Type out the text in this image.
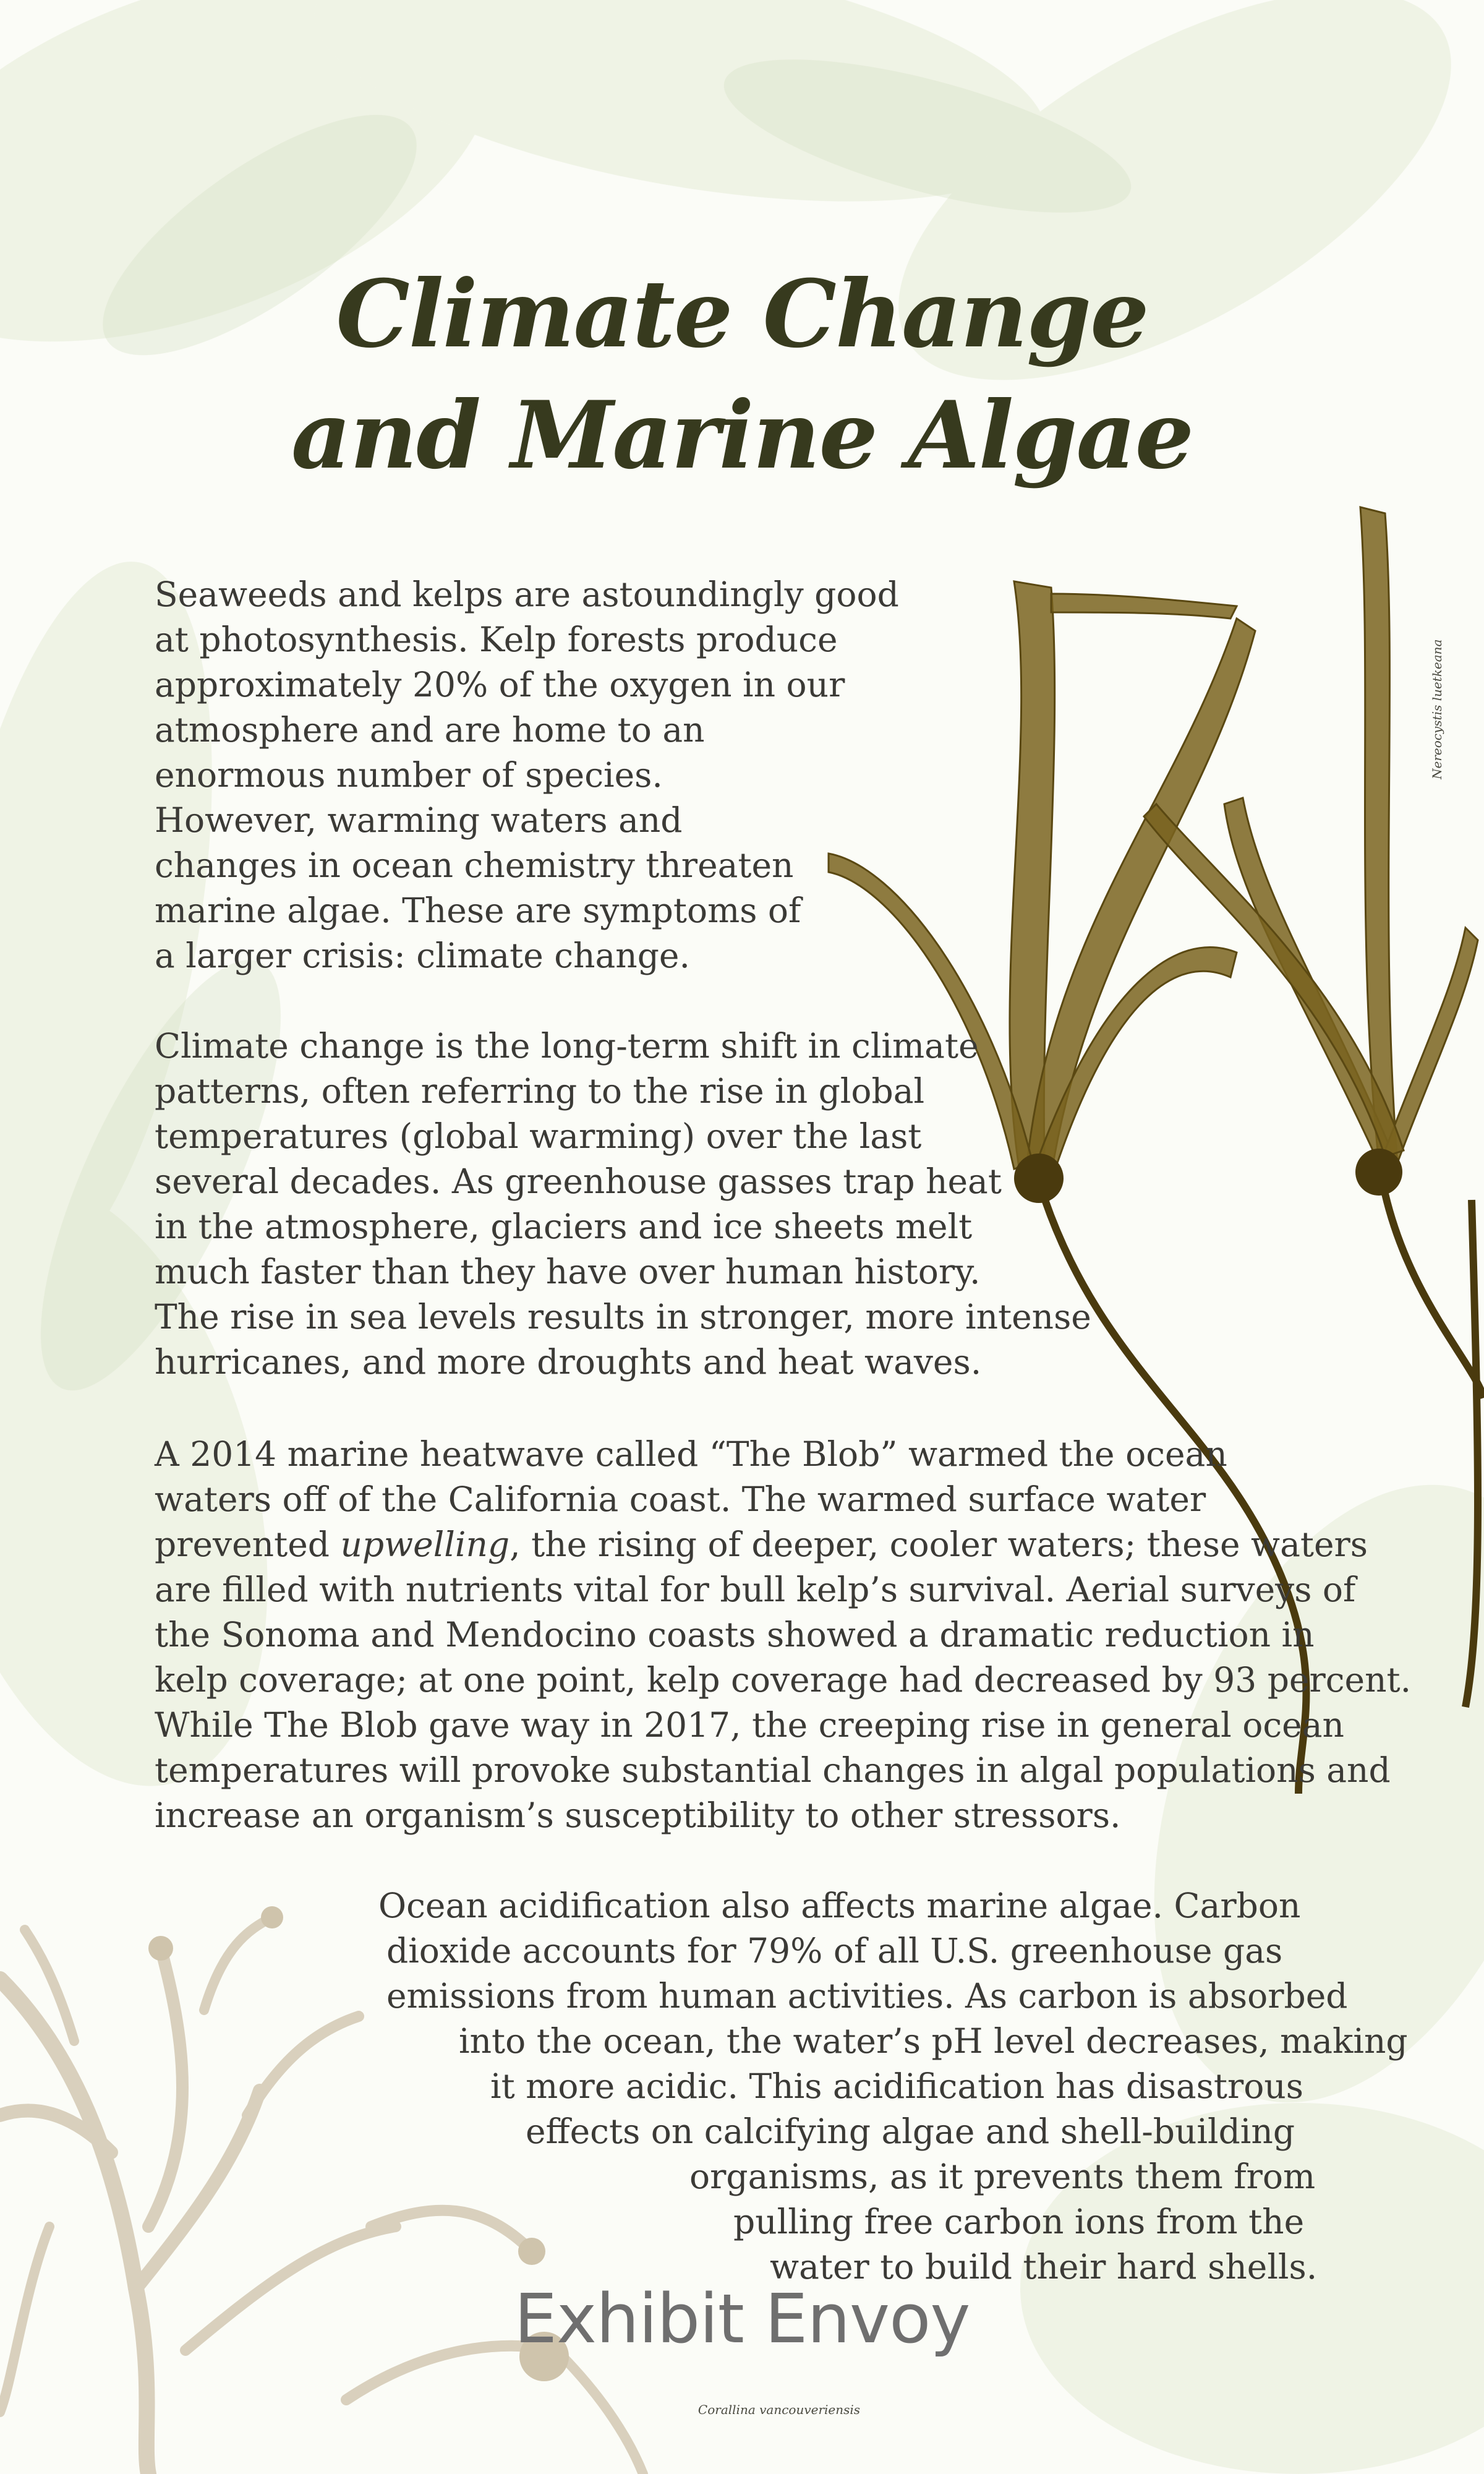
Climate Change
and Marine Algae

Seaweeds and kelps are astoundingly good
at photosynthesis. Kelp forests produce
approximately 20% of the oxygen in our
atmosphere and are home to an
enormous number of species.
However, warming waters and
changes in ocean chemistry threaten
marine algae. These are symptoms of
a larger crisis: climate change.

Climate change is the long-term shift in climate
patterns, often referring to the rise in global
temperatures (global warming) over the last
several decades. As greenhouse gasses trap heat
in the atmosphere, glaciers and ice sheets melt
much faster than they have over human history.
The rise in sea levels results in stronger, more intense
hurricanes, and more droughts and heat waves.

A 2014 marine heatwave called “The Blob” warmed the ocean
waters off of the California coast. The warmed surface water
prevented upwelling, the rising of deeper, cooler waters; these waters
are filled with nutrients vital for bull kelp’s survival. Aerial surveys of
the Sonoma and Mendocino coasts showed a dramatic reduction in
kelp coverage; at one point, kelp coverage had decreased by 93 percent.
While The Blob gave way in 2017, the creeping rise in general ocean
temperatures will provoke substantial changes in algal populations and
increase an organism’s susceptibility to other stressors.

Ocean acidification also affects marine algae. Carbon
dioxide accounts for 79% of all U.S. greenhouse gas
emissions from human activities. As carbon is absorbed
into the ocean, the water’s pH level decreases, making
it more acidic. This acidification has disastrous
effects on calcifying algae and shell-building
organisms, as it prevents them from
pulling free carbon ions from the
water to build their hard shells.

Nereocystis luetkeana
Corallina vancouveriensis
Exhibit Envoy
